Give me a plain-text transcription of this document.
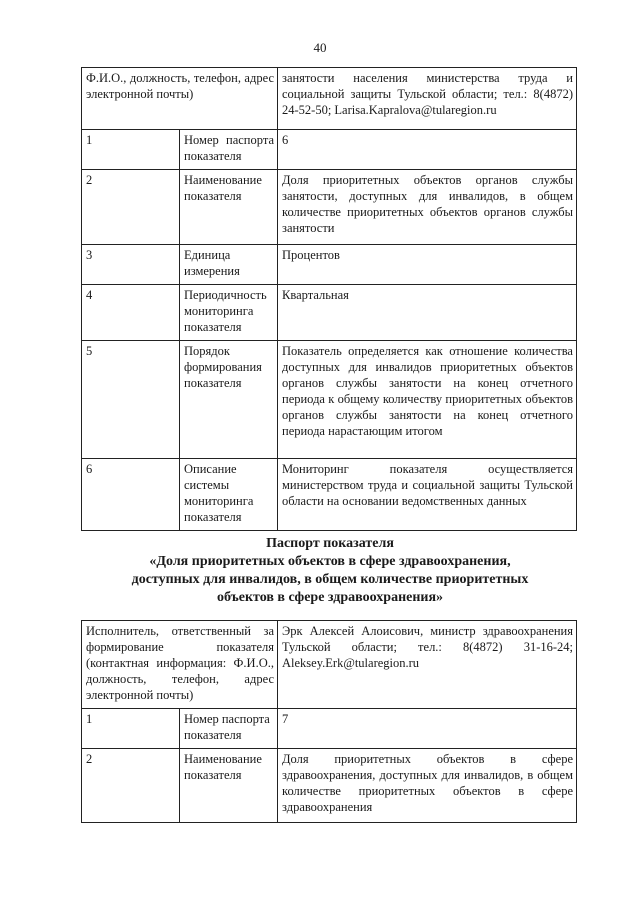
40
Ф.И.О., должность, телефон, адрес электронной почты)		занятости населения министерства труда и социальной защиты Тульской области; тел.: 8(4872) 24-52-50; Larisa.Kapralova@tularegion.ru
1	Номер паспорта показателя	6
2	Наименование показателя	Доля приоритетных объектов органов службы занятости, доступных для инвалидов, в общем количестве приоритетных объектов органов службы занятости
3	Единица измерения	Процентов
4	Периодичность мониторинга показателя	Квартальная
5	Порядок формирования показателя	Показатель определяется как отношение количества доступных для инвалидов приоритетных объектов органов службы занятости на конец отчетного периода к общему количеству приоритетных объектов органов службы занятости на конец отчетного периода нарастающим итогом
6	Описание системы мониторинга показателя	Мониторинг показателя осуществляется министерством труда и социальной защиты Тульской области на основании ведомственных данных
Паспорт показателя
«Доля приоритетных объектов в сфере здравоохранения,
доступных для инвалидов, в общем количестве приоритетных
объектов в сфере здравоохранения»
Исполнитель, ответственный за формирование показателя (контактная информация: Ф.И.О., должность, телефон, адрес электронной почты)		Эрк Алексей Алоисович, министр здравоохранения Тульской области; тел.: 8(4872) 31-16-24; Aleksey.Erk@tularegion.ru
1	Номер паспорта показателя	7
2	Наименование показателя	Доля приоритетных объектов в сфере здравоохранения, доступных для инвалидов, в общем количестве приоритетных объектов в сфере здравоохранения
